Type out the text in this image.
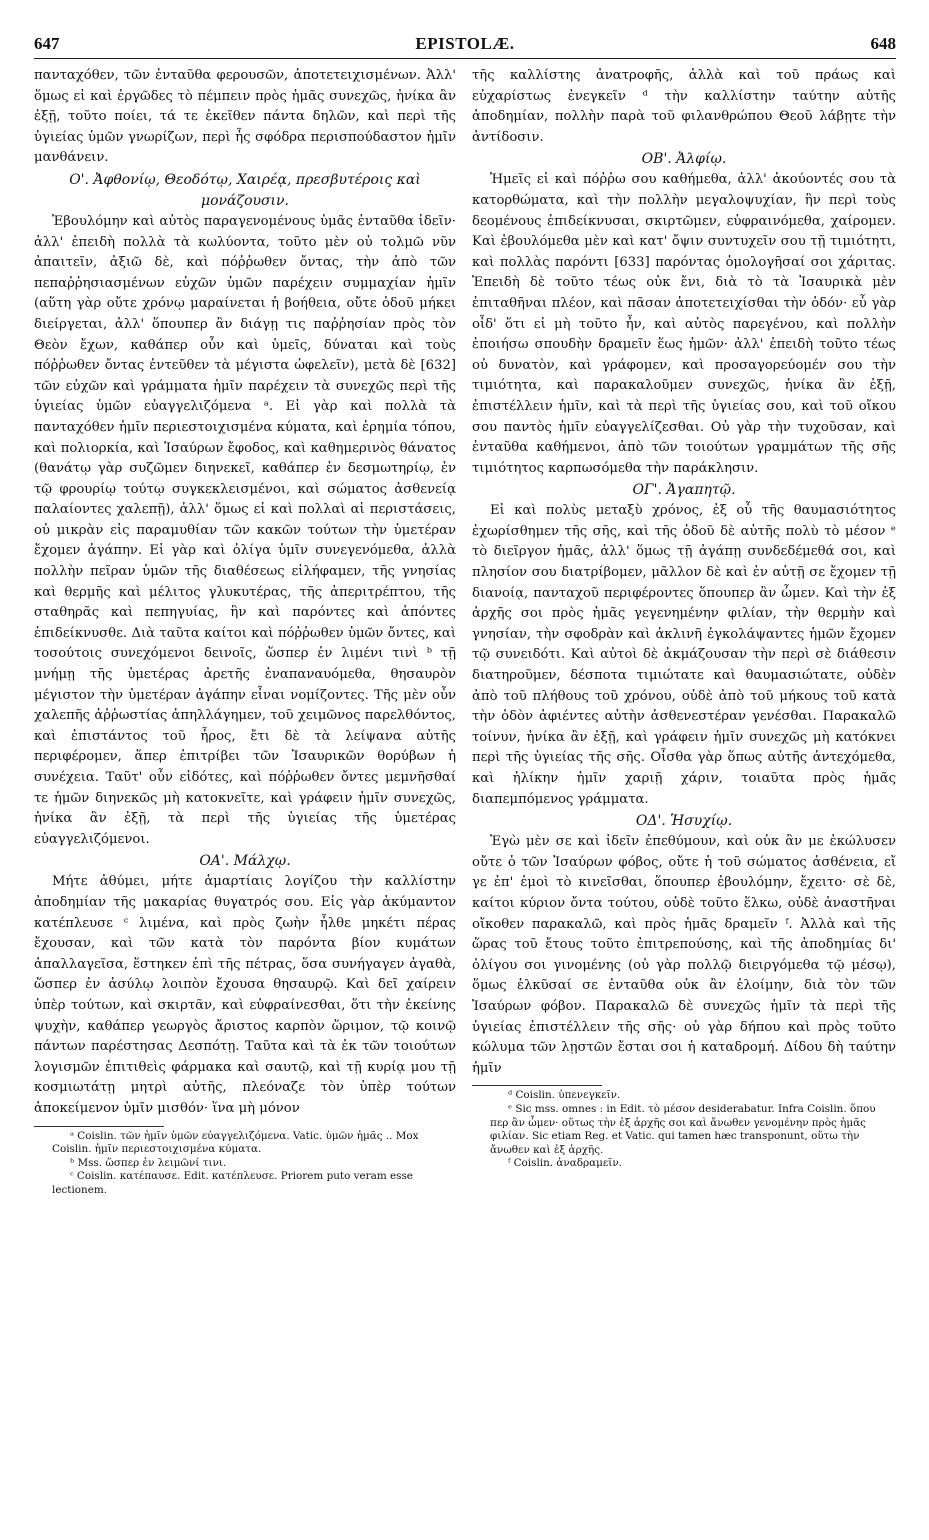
647	EPISTOLÆ.	648

πανταχόθεν, τῶν ἐνταῦθα φερουσῶν, ἀποτετειχισμένων. Ἀλλ' ὅμως εἰ καὶ ἐργῶδες τὸ πέμπειν πρὸς ἡμᾶς συνεχῶς, ἡνίκα ἂν ἐξῇ, τοῦτο ποίει, τά τε ἐκεῖθεν πάντα δηλῶν, καὶ περὶ τῆς ὑγιείας ὑμῶν γνωρίζων, περὶ ἧς σφόδρα περισπούδαστον ἡμῖν μανθάνειν.

Ο'. Ἀφθονίῳ, Θεοδότῳ, Χαιρέᾳ, πρεσβυτέροις καὶ μονάζουσιν.

Ἐβουλόμην καὶ αὐτὸς παραγενομένους ὑμᾶς ἐνταῦθα ἰδεῖν· ἀλλ' ἐπειδὴ πολλὰ τὰ κωλύοντα, τοῦτο μὲν οὐ τολμῶ νῦν ἀπαιτεῖν, ἀξιῶ δὲ, καὶ πόῤῥωθεν ὄντας, τὴν ἀπὸ τῶν πεπαῤῥησιασμένων εὐχῶν ὑμῶν παρέχειν συμμαχίαν ἡμῖν (αὕτη γὰρ οὔτε χρόνῳ μαραίνεται ἡ βοήθεια, οὔτε ὁδοῦ μήκει διείργεται, ἀλλ' ὅπουπερ ἂν διάγῃ τις παῤῥησίαν πρὸς τὸν Θεὸν ἔχων, καθάπερ οὖν καὶ ὑμεῖς, δύναται καὶ τοὺς πόῤῥωθεν ὄντας ἐντεῦθεν τὰ μέγιστα ὠφελεῖν), μετὰ δὲ [632] τῶν εὐχῶν καὶ γράμματα ἡμῖν παρέχειν τὰ συνεχῶς περὶ τῆς ὑγιείας ὑμῶν εὐαγγελιζόμενα ᵃ. Εἰ γὰρ καὶ πολλὰ τὰ πανταχόθεν ἡμῖν περιεστοιχισμένα κύματα, καὶ ἐρημία τόπου, καὶ πολιορκία, καὶ Ἰσαύρων ἔφοδος, καὶ καθημερινὸς θάνατος (θανάτῳ γὰρ συζῶμεν διηνεκεῖ, καθάπερ ἐν δεσμωτηρίῳ, ἐν τῷ φρουρίῳ τούτῳ συγκεκλεισμένοι, καὶ σώματος ἀσθενείᾳ παλαίοντες χαλεπῇ), ἀλλ' ὅμως εἰ καὶ πολλαὶ αἱ περιστάσεις, οὐ μικρὰν εἰς παραμυθίαν τῶν κακῶν τούτων τὴν ὑμετέραν ἔχομεν ἀγάπην. Εἰ γὰρ καὶ ὀλίγα ὑμῖν συνεγενόμεθα, ἀλλὰ πολλὴν πεῖραν ὑμῶν τῆς διαθέσεως εἰλήφαμεν, τῆς γνησίας καὶ θερμῆς καὶ μέλιτος γλυκυτέρας, τῆς ἀπεριτρέπτου, τῆς σταθηρᾶς καὶ πεπηγυίας, ἣν καὶ παρόντες καὶ ἀπόντες ἐπιδείκνυσθε. Διὰ ταῦτα καίτοι καὶ πόῤῥωθεν ὑμῶν ὄντες, καὶ τοσούτοις συνεχόμενοι δεινοῖς, ὥσπερ ἐν λιμένι τινὶ ᵇ τῇ μνήμῃ τῆς ὑμετέρας ἀρετῆς ἐναπαναυόμεθα, θησαυρὸν μέγιστον τὴν ὑμετέραν ἀγάπην εἶναι νομίζοντες. Τῆς μὲν οὖν χαλεπῆς ἀῤῥωστίας ἀπηλλάγημεν, τοῦ χειμῶνος παρελθόντος, καὶ ἐπιστάντος τοῦ ἦρος, ἔτι δὲ τὰ λείψανα αὐτῆς περιφέρομεν, ἅπερ ἐπιτρίβει τῶν Ἰσαυρικῶν θορύβων ἡ συνέχεια. Ταῦτ' οὖν εἰδότες, καὶ πόῤῥωθεν ὄντες μεμνῆσθαί τε ἡμῶν διηνεκῶς μὴ κατοκνεῖτε, καὶ γράφειν ἡμῖν συνεχῶς, ἡνίκα ἂν ἐξῇ, τὰ περὶ τῆς ὑγιείας τῆς ὑμετέρας εὐαγγελιζόμενοι.

ΟΑ'. Μάλχῳ.

Μήτε ἀθύμει, μήτε ἁμαρτίαις λογίζου τὴν καλλίστην ἀποδημίαν τῆς μακαρίας θυγατρός σου. Εἰς γὰρ ἀκύμαντον κατέπλευσε ᶜ λιμένα, καὶ πρὸς ζωὴν ἦλθε μηκέτι πέρας ἔχουσαν, καὶ τῶν κατὰ τὸν παρόντα βίον κυμάτων ἀπαλλαγεῖσα, ἕστηκεν ἐπὶ τῆς πέτρας, ὅσα συνήγαγεν ἀγαθὰ, ὥσπερ ἐν ἀσύλῳ λοιπὸν ἔχουσα θησαυρῷ. Καὶ δεῖ χαίρειν ὑπὲρ τούτων, καὶ σκιρτᾶν, καὶ εὐφραίνεσθαι, ὅτι τὴν ἐκείνης ψυχὴν, καθάπερ γεωργὸς ἄριστος καρπὸν ὥριμον, τῷ κοινῷ πάντων παρέστησας Δεσπότῃ. Ταῦτα καὶ τὰ ἐκ τῶν τοιούτων λογισμῶν ἐπιτιθεὶς φάρμακα καὶ σαυτῷ, καὶ τῇ κυρίᾳ μου τῇ κοσμιωτάτῃ μητρὶ αὐτῆς, πλεόναζε τὸν ὑπὲρ τούτων ἀποκείμενον ὑμῖν μισθόν· ἵνα μὴ μόνον

ᵃ Coislin. τῶν ἡμῖν ὑμῶν εὐαγγελιζόμενα. Vatic. ὑμῶν ἡμᾶς .. Mox Coislin. ἡμῖν περιεστοιχισμένα κύματα.

ᵇ Mss. ὥσπερ ἐν λειμῶνί τινι.

ᶜ Coislin. κατέπαυσε. Edit. κατέπλευσε. Priorem puto veram esse lectionem.

τῆς καλλίστης ἀνατροφῆς, ἀλλὰ καὶ τοῦ πράως καὶ εὐχαρίστως ἐνεγκεῖν ᵈ τὴν καλλίστην ταύτην αὐτῆς ἀποδημίαν, πολλὴν παρὰ τοῦ φιλανθρώπου Θεοῦ λάβῃτε τὴν ἀντίδοσιν.

ΟΒ'. Ἀλφίῳ.

Ἡμεῖς εἰ καὶ πόῤῥω σου καθήμεθα, ἀλλ' ἀκούοντές σου τὰ κατορθώματα, καὶ τὴν πολλὴν μεγαλοψυχίαν, ἣν περὶ τοὺς δεομένους ἐπιδείκνυσαι, σκιρτῶμεν, εὐφραινόμεθα, χαίρομεν. Καὶ ἐβουλόμεθα μὲν καὶ κατ' ὄψιν συντυχεῖν σου τῇ τιμιότητι, καὶ πολλὰς παρόντι [633] παρόντας ὁμολογῆσαί σοι χάριτας. Ἐπειδὴ δὲ τοῦτο τέως οὐκ ἔνι, διὰ τὸ τὰ Ἰσαυρικὰ μὲν ἐπιταθῆναι πλέον, καὶ πᾶσαν ἀποτετειχίσθαι τὴν ὁδόν· εὖ γὰρ οἶδ' ὅτι εἰ μὴ τοῦτο ἦν, καὶ αὐτὸς παρεγένου, καὶ πολλὴν ἐποιήσω σπουδὴν δραμεῖν ἕως ἡμῶν· ἀλλ' ἐπειδὴ τοῦτο τέως οὐ δυνατὸν, καὶ γράφομεν, καὶ προσαγορεύομέν σου τὴν τιμιότητα, καὶ παρακαλοῦμεν συνεχῶς, ἡνίκα ἂν ἐξῇ, ἐπιστέλλειν ἡμῖν, καὶ τὰ περὶ τῆς ὑγιείας σου, καὶ τοῦ οἴκου σου παντὸς ἡμῖν εὐαγγελίζεσθαι. Οὐ γὰρ τὴν τυχοῦσαν, καὶ ἐνταῦθα καθήμενοι, ἀπὸ τῶν τοιούτων γραμμάτων τῆς σῆς τιμιότητος καρπωσόμεθα τὴν παράκλησιν.

ΟΓ'. Ἀγαπητῷ.

Εἰ καὶ πολὺς μεταξὺ χρόνος, ἐξ οὗ τῆς θαυμασιότητος ἐχωρίσθημεν τῆς σῆς, καὶ τῆς ὁδοῦ δὲ αὐτῆς πολὺ τὸ μέσον ᵉ τὸ διεῖργον ἡμᾶς, ἀλλ' ὅμως τῇ ἀγάπῃ συνδεδέμεθά σοι, καὶ πλησίον σου διατρίβομεν, μᾶλλον δὲ καὶ ἐν αὐτῇ σε ἔχομεν τῇ διανοίᾳ, πανταχοῦ περιφέροντες ὅπουπερ ἂν ὦμεν. Καὶ τὴν ἐξ ἀρχῆς σοι πρὸς ἡμᾶς γεγενημένην φιλίαν, τὴν θερμὴν καὶ γνησίαν, τὴν σφοδρὰν καὶ ἀκλινῆ ἐγκολάψαντες ἡμῶν ἔχομεν τῷ συνειδότι. Καὶ αὐτοὶ δὲ ἀκμάζουσαν τὴν περὶ σὲ διάθεσιν διατηροῦμεν, δέσποτα τιμιώτατε καὶ θαυμασιώτατε, οὐδὲν ἀπὸ τοῦ πλήθους τοῦ χρόνου, οὐδὲ ἀπὸ τοῦ μήκους τοῦ κατὰ τὴν ὁδὸν ἀφιέντες αὐτὴν ἀσθενεστέραν γενέσθαι. Παρακαλῶ τοίνυν, ἡνίκα ἂν ἐξῇ, καὶ γράφειν ἡμῖν συνεχῶς μὴ κατόκνει περὶ τῆς ὑγιείας τῆς σῆς. Οἶσθα γὰρ ὅπως αὐτῆς ἀντεχόμεθα, καὶ ἡλίκην ἡμῖν χαριῇ χάριν, τοιαῦτα πρὸς ἡμᾶς διαπεμπόμενος γράμματα.

ΟΔ'. Ἡσυχίῳ.

Ἐγὼ μὲν σε καὶ ἰδεῖν ἐπεθύμουν, καὶ οὐκ ἂν με ἐκώλυσεν οὔτε ὁ τῶν Ἰσαύρων φόβος, οὔτε ἡ τοῦ σώματος ἀσθένεια, εἴ γε ἐπ' ἐμοὶ τὸ κινεῖσθαι, ὅπουπερ ἐβουλόμην, ἔχειτο· σὲ δὲ, καίτοι κύριον ὄντα τούτου, οὐδὲ τοῦτο ἕλκω, οὐδὲ ἀναστῆναι οἴκοθεν παρακαλῶ, καὶ πρὸς ἡμᾶς δραμεῖν ᶠ. Ἀλλὰ καὶ τῆς ὥρας τοῦ ἔτους τοῦτο ἐπιτρεπούσης, καὶ τῆς ἀποδημίας δι' ὀλίγου σοι γινομένης (οὐ γὰρ πολλῷ διειργόμεθα τῷ μέσῳ), ὅμως ἑλκῦσαί σε ἐνταῦθα οὐκ ἂν ἑλοίμην, διὰ τὸν τῶν Ἰσαύρων φόβον. Παρακαλῶ δὲ συνεχῶς ἡμῖν τὰ περὶ τῆς ὑγιείας ἐπιστέλλειν τῆς σῆς· οὐ γὰρ δήπου καὶ πρὸς τοῦτο κώλυμα τῶν λῃστῶν ἔσται σοι ἡ καταδρομή. Δίδου δὴ ταύτην ἡμῖν

ᵈ Coislin. ὑπενεγκεῖν.

ᵉ Sic mss. omnes : in Edit. τὸ μέσον desiderabatur. Infra Coislin. ὅπου περ ἂν ὦμεν· οὕτως τὴν ἐξ ἀρχῆς σοι καὶ ἄνωθεν γενομένην πρὸς ἡμᾶς φιλίαν. Sic etiam Reg. et Vatic. qui tamen hæc transponunt, οὕτω τὴν ἄνωθεν καὶ ἐξ ἀρχῆς.

ᶠ Coislin. ἀναδραμεῖν.
